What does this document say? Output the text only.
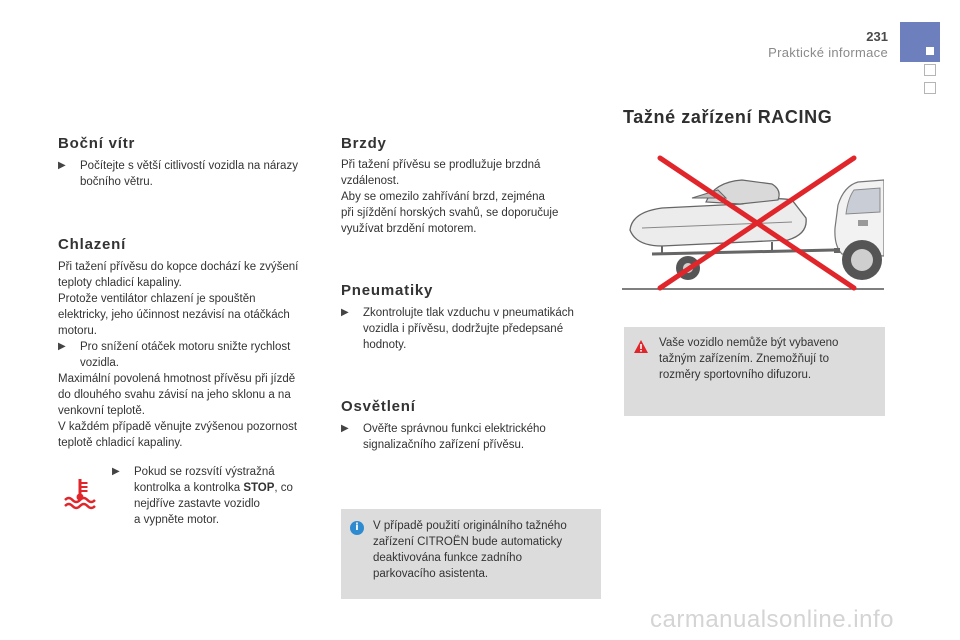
231
Praktické informace
Boční vítr
▶	Počítejte s větší citlivostí vozidla na nárazy bočního větru.
Chlazení

Při tažení přívěsu do kopce dochází ke zvýšení

teploty chladicí kapaliny.

Protože ventilátor chlazení je spouštěn

elektricky, jeho účinnost nezávisí na otáčkách

motoru.

▶	Pro snížení otáček motoru snižte rychlost vozidla.

Maximální povolená hmotnost přívěsu při jízdě

do dlouhého svahu závisí na jeho sklonu a na

venkovní teplotě.

V každém případě věnujte zvýšenou pozornost

teplotě chladicí kapaliny.

▶	Pokud se rozsvítí výstražná
kontrolka a kontrolka STOP, co
nejdříve zastavte vozidlo
a vypněte motor.
Brzdy

Při tažení přívěsu se prodlužuje brzdná

vzdálenost.

Aby se omezilo zahřívání brzd, zejména

při sjíždění horských svahů, se doporučuje

využívat brzdění motorem.

Pneumatiky
▶	Zkontrolujte tlak vzduchu v pneumatikách vozidla i přívěsu, dodržujte předepsané hodnoty.
Osvětlení
▶	Ověřte správnou funkci elektrického signalizačního zařízení přívěsu.
i	V případě použití originálního tažného
zařízení CITROËN bude automaticky
deaktivována funkce zadního
parkovacího asistenta.
Tažné zařízení RACING
Vaše vozidlo nemůže být vybaveno
tažným zařízením. Znemožňují to
rozměry sportovního difuzoru.
carmanualsonline.info
